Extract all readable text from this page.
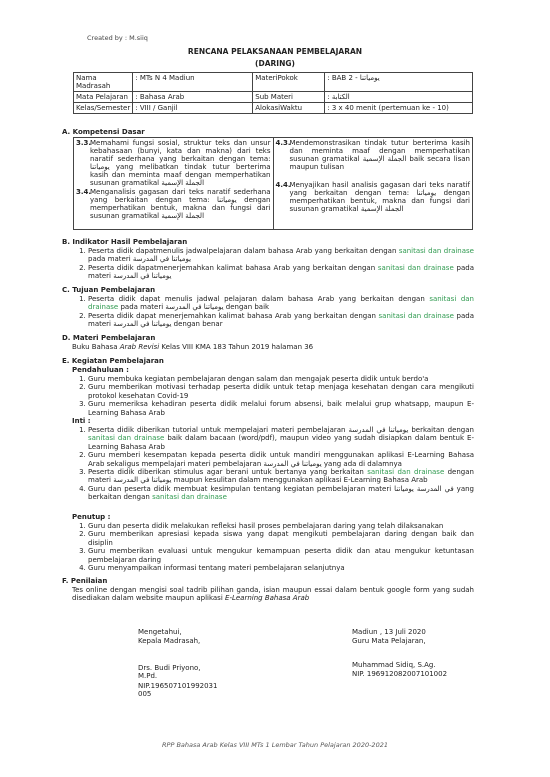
Created by : M.siiq
RENCANA PELAKSANAAN PEMBELAJARAN
(DARING)
Nama Madrasah	: MTs N 4 Madiun	MateriPokok	: BAB 2 - يومياتنا
Mata Pelajaran	: Bahasa Arab	Sub Materi	: الكتابة
Kelas/Semester	: VIII / Ganjil	AlokasiWaktu	: 3 x 40 menit (pertemuan ke - 10)
A. Kompetensi Dasar
3.3.
Memahami fungsi sosial, struktur teks dan unsur kebahasaan (bunyi, kata dan makna) dari teks naratif sederhana yang berkaitan dengan tema: يومياتنا yang melibatkan tindak tutur berterima kasih dan meminta maaf dengan memperhatikan susunan gramatikal الجملة الإسمية
3.4.
Menganalisis gagasan dari teks naratif sederhana yang berkaitan dengan tema: يومياتنا dengan memperhatikan bentuk, makna dan fungsi dari susunan gramatikal الجملة الإسمية

4.3.
Mendemonstrasikan tindak tutur berterima kasih dan meminta maaf dengan memperhatikan susunan gramatikal الجملة الإسمية baik secara lisan maupun tulisan
4.4.
Menyajikan hasil analisis gagasan dari teks naratif yang berkaitan dengan tema: يومياتنا dengan memperhatikan bentuk, makna dan fungsi dari susunan gramatikal الجملة الإسمية
B. Indikator Hasil Pembelajaran
1. Peserta didik dapatmenulis jadwalpelajaran dalam bahasa Arab yang berkaitan dengan sanitasi dan drainase pada materi يومياتنا في المدرسة
2. Peserta didik dapatmenerjemahkan kalimat bahasa Arab yang berkaitan dengan sanitasi dan drainase pada materi يومياتنا في المدرسة
C. Tujuan Pembelajaran
1. Peserta didik dapat menulis jadwal pelajaran dalam bahasa Arab yang berkaitan dengan sanitasi dan drainase pada materi يومياتنا في المدرسة dengan baik
2. Peserta didik dapat menerjemahkan kalimat bahasa Arab yang berkaitan dengan sanitasi dan drainase pada materi يومياتنا في المدرسة dengan benar
D. Materi Pembelajaran
Buku Bahasa Arab Revisi Kelas VIII KMA 183 Tahun 2019 halaman 36
E. Kegiatan Pembelajaran
Pendahuluan :
1. Guru membuka kegiatan pembelajaran dengan salam dan mengajak peserta didik untuk berdo'a
2. Guru memberikan motivasi terhadap peserta didik untuk tetap menjaga kesehatan dengan cara mengikuti protokol kesehatan Covid-19
3. Guru memeriksa kehadiran peserta didik melalui forum absensi, baik melalui grup whatsapp, maupun E-Learning Bahasa Arab
Inti :
1. Peserta didik diberikan tutorial untuk mempelajari materi pembelajaran يومياتنا في المدرسة berkaitan dengan sanitasi dan drainase baik dalam bacaan (word/pdf), maupun video yang sudah disiapkan dalam bentuk E-Learning Bahasa Arab
2. Guru memberi kesempatan kepada peserta didik untuk mandiri menggunakan aplikasi E-Learning Bahasa Arab sekaligus mempelajari materi pembelajaran يومياتنا في المدرسة yang ada di dalamnya
3. Peserta didik diberikan stimulus agar berani untuk bertanya yang berkaitan sanitasi dan drainase dengan materi يومياتنا في المدرسة maupun kesulitan dalam menggunakan aplikasi E-Learning Bahasa Arab
4. Guru dan peserta didik membuat kesimpulan tentang kegiatan pembelajaran materi في المدرسة يومياتنا yang berkaitan dengan sanitasi dan drainase
Penutup :
1. Guru dan peserta didik melakukan refleksi hasil proses pembelajaran daring yang telah dilaksanakan
2. Guru memberikan apresiasi kepada siswa yang dapat mengikuti pembelajaran daring dengan baik dan disiplin
3. Guru memberikan evaluasi untuk mengukur kemampuan peserta didik dan atau mengukur ketuntasan pembelajaran daring
4. Guru menyampaikan informasi tentang materi pembelajaran selanjutnya
F. Penilaian
Tes online dengan mengisi soal tadrib pilihan ganda, isian maupun essai dalam bentuk google form yang sudah disediakan dalam website maupun aplikasi E-Learning Bahasa Arab
Mengetahui,
Kepala Madrasah,
Drs. Budi Priyono, M.Pd.
NIP.196507101992031 005
Madiun , 13 Juli 2020
Guru Mata Pelajaran,
Muhammad Sidiq, S.Ag.
NIP. 196912082007101002
RPP Bahasa Arab Kelas VIII MTs 1 Lembar Tahun Pelajaran 2020-2021
